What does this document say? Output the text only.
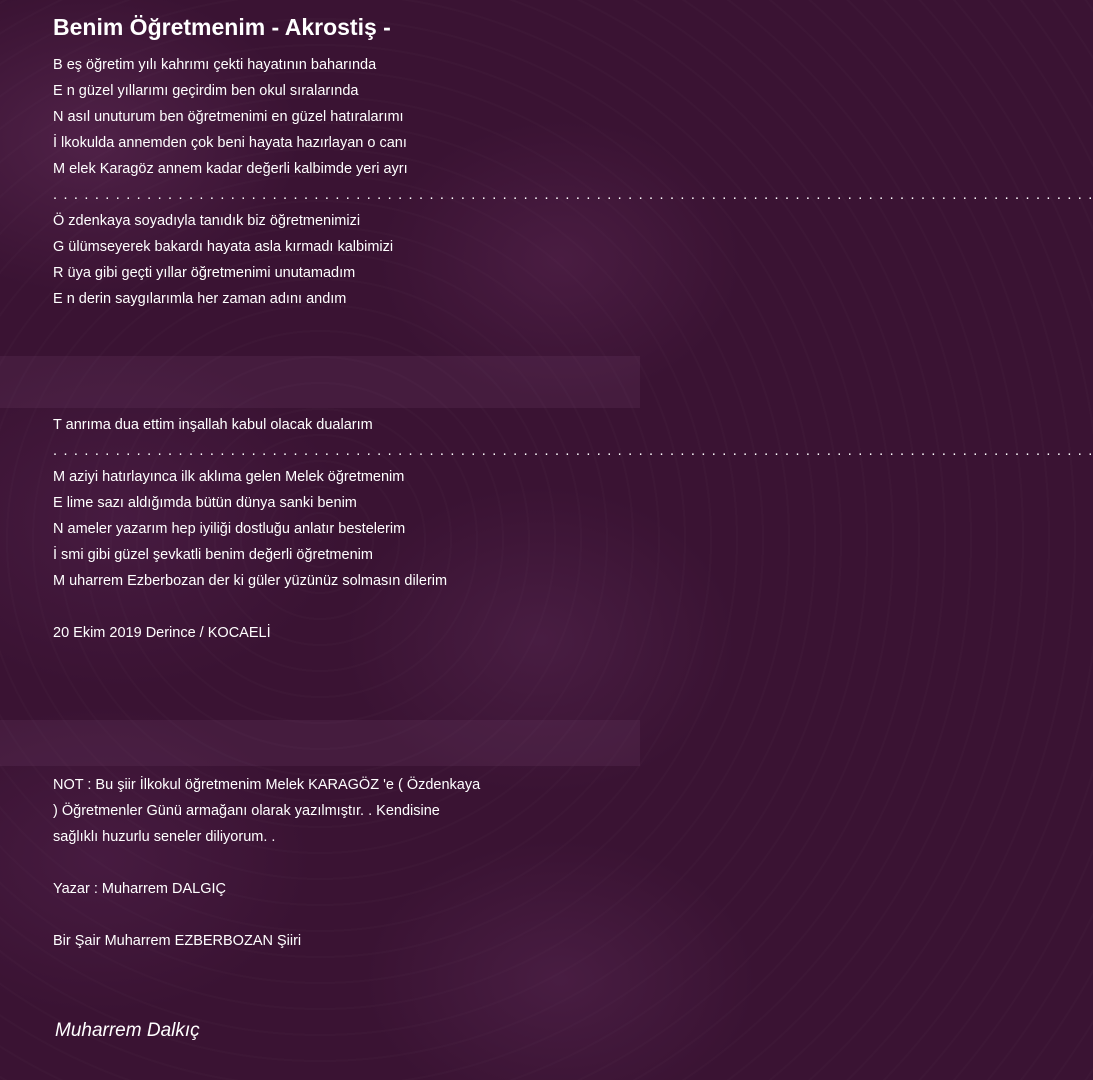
Benim Öğretmenim - Akrostiş -
B eş öğretim yılı kahrımı çekti hayatının baharında
E n güzel yıllarımı geçirdim ben okul sıralarında
N asıl unuturum ben öğretmenimi en güzel hatıralarımı
İ lkokulda annemden çok beni hayata hazırlayan o canı
M elek Karagöz annem kadar değerli kalbimde yeri ayrı
. . . . . . . . . . . . . . . . . . . . . . . . . . . . . . . . . . . . . . . . . . . . . . . . . . . . . . . . . . . . . . . . . . . . . . . . . . . . . . . . . . . . . . . . . . . . . . . . . . . .
Ö zdenkaya soyadıyla tanıdık biz öğretmenimizi
G ülümseyerek bakardı hayata asla kırmadı kalbimizi
R üya gibi geçti yıllar öğretmenimi unutamadım
E n derin saygılarımla her zaman adını andım
T anrıma dua ettim inşallah kabul olacak dualarım
. . . . . . . . . . . . . . . . . . . . . . . . . . . . . . . . . . . . . . . . . . . . . . . . . . . . . . . . . . . . . . . . . . . . . . . . . . . . . . . . . . . . . . . . . . . . . . . . . . . .
M aziyi hatırlayınca ilk aklıma gelen Melek öğretmenim
E lime sazı aldığımda bütün dünya sanki benim
N ameler yazarım hep iyiliği dostluğu anlatır bestelerim
İ smi gibi güzel şevkatli benim değerli öğretmenim
M uharrem Ezberbozan der ki güler yüzünüz solmasın dilerim
20 Ekim 2019 Derince / KOCAELİ
NOT : Bu şiir İlkokul öğretmenim Melek KARAGÖZ 'e ( Özdenkaya
) Öğretmenler Günü armağanı olarak yazılmıştır. . Kendisine
sağlıklı huzurlu seneler diliyorum. .
Yazar : Muharrem DALGIÇ
Bir Şair Muharrem EZBERBOZAN Şiiri
Muharrem Dalkıç
